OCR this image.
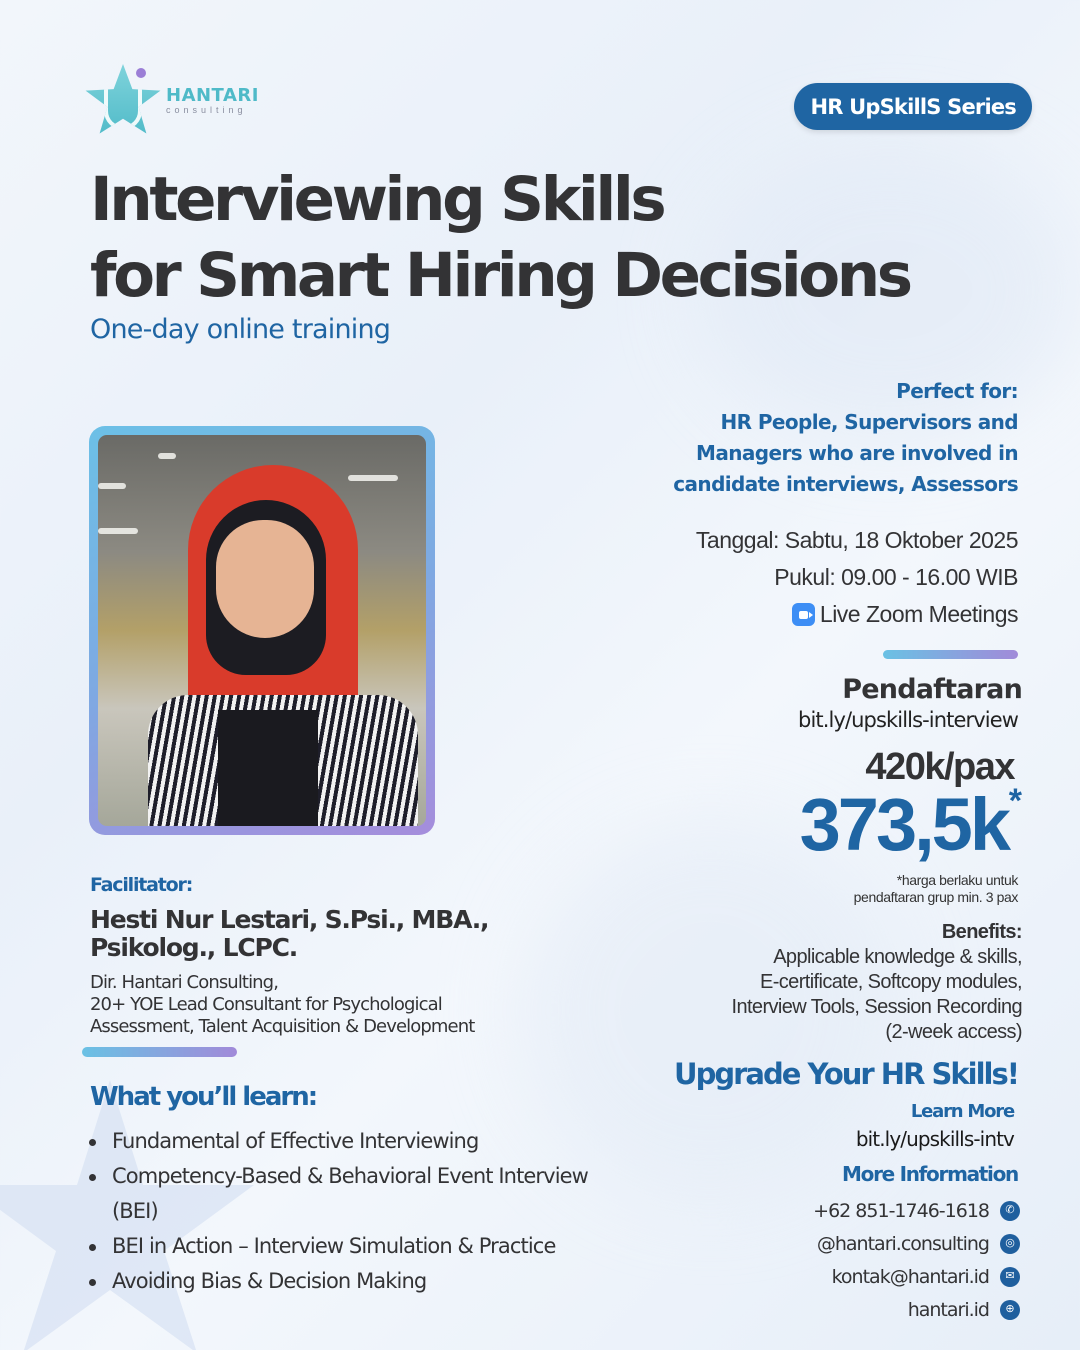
HANTARI
consulting	HR UpSkillS Series
Interviewing Skills
for Smart Hiring Decisions
One-day online training
Perfect for:
HR People, Supervisors and
Managers who are involved in
candidate interviews, Assessors
Tanggal: Sabtu, 18 Oktober 2025
Pukul: 09.00 - 16.00 WIB
Live Zoom Meetings
Pendaftaran
bit.ly/upskills-interview
420k/pax
373,5k *
*harga berlaku untuk
pendaftaran grup min. 3 pax
Benefits:
Applicable knowledge & skills,
E-certificate, Softcopy modules,
Interview Tools, Session Recording
(2-week access)
Upgrade Your HR Skills!
Learn More
bit.ly/upskills-intv
More Information
+62 851-1746-1618	✆
@hantari.consulting	◎
kontak@hantari.id	✉
hantari.id	⊕
Facilitator:
Hesti Nur Lestari, S.Psi., MBA.,
Psikolog., LCPC.
Dir. Hantari Consulting,
20+ YOE Lead Consultant for Psychological
Assessment, Talent Acquisition & Development
What you’ll learn:
Fundamental of Effective Interviewing
Competency-Based & Behavioral Event Interview (BEI)
BEI in Action – Interview Simulation & Practice
Avoiding Bias & Decision Making
